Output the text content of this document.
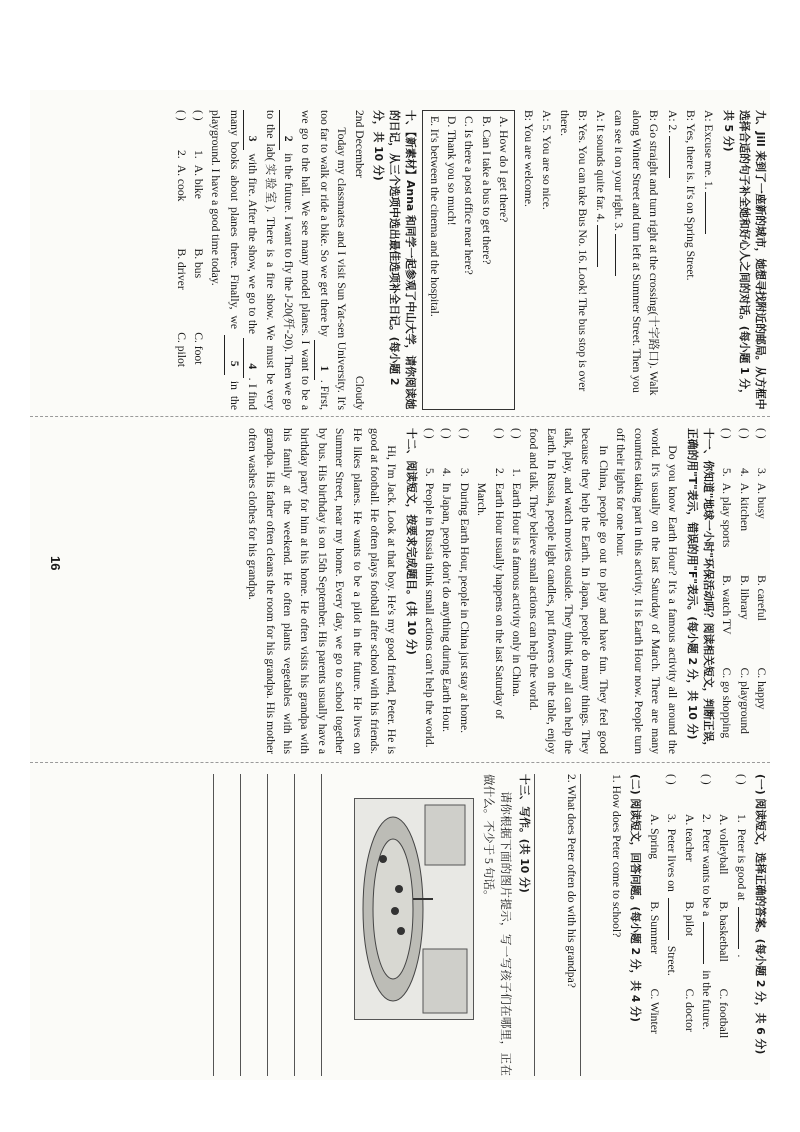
九、Jill 来到了一座新的城市，她想寻找附近的邮局。从方框中选择合适的句子补全她和好心人之间的对话。(每小题 1 分，共 5 分)

A: Excuse me. 1.

B: Yes, there is. It's on Spring Street.

A: 2.

B: Go straight and turn right at the crossing(十字路口). Walk along Winter Street and turn left at Summer Street. Then you can see it on your right. 3.

A: It sounds quite far. 4.

B: Yes. You can take Bus No. 16. Look! The bus stop is over there.

A: 5. You are so nice.

B: You are welcome.

A. How do I get there?
B. Can I take a bus to get there?
C. Is there a post office near here?
D. Thank you so much!
E. It's between the cinema and the hospital.

十、【新素材】Anna 和同学一起参观了中山大学，请你阅读她的日记，从三个选项中选出最佳选项补全日记。(每小题 2 分，共 10 分)

2nd December
Cloudy

Today my classmates and I visit Sun Yat-sen University. It's too far to walk or ride a bike. So we get there by 1. First, we go to the hall. We see many model planes. I want to be a 2 in the future. I want to fly the J-20(歼-20). Then we go to the lab(实验室). There is a fire show. We must be very 3 with fire. After the show, we go to the 4. I find many books about planes there. Finally, we 5 in the playground. I have a good time today.

( )
1.
A. bike
B. bus
C. foot
( )
2.
A. cook
B. driver
C. pilot
( )
3.
A. busy
B. careful
C. happy
( )
4.
A. kitchen
B. library
C. playground
( )
5.
A. play sports
B. watch TV
C. go shopping

十一、你知道"地球一小时"环保活动吗？阅读相关短文，判断正误，正确的用"T"表示，错误的用"F"表示。(每小题 2 分，共 10 分)

Do you know Earth Hour? It's a famous activity all around the world. It's usually on the last Saturday of March. There are many countries taking part in this activity. It is Earth Hour now. People turn off their lights for one hour.

In China, people go out to play and have fun. They feel good because they help the Earth. In Japan, people do many things. They talk, play, and watch movies outside. They think they all can help the Earth. In Russia, people light candles, put flowers on the table, enjoy food and talk. They believe small actions can help the world.

( )
1.
Earth Hour is a famous activity only in China.
( )
2.
Earth Hour usually happens on the last Saturday of March.
( )
3.
During Earth Hour, people in China just stay at home.
( )
4.
In Japan, people don't do anything during Earth Hour.
( )
5.
People in Russia think small actions can't help the world.

十二、阅读短文，按要求完成题目。(共 10 分)

Hi, I'm Jack. Look at that boy. He's my good friend, Peter. He is good at football. He often plays football after school with his friends. He likes planes. He wants to be a pilot in the future. He lives on Summer Street, near my home. Every day, we go to school together by bus. His birthday is on 15th September. His parents usually have a birthday party for him at his home. He often visits his grandpa with his family at the weekend. He often plants vegetables with his grandpa. His father often cleans the room for his grandpa. His mother often washes clothes for his grandpa.

(一) 阅读短文，选择正确的答案。(每小题 2 分，共 6 分)

( )
1.
Peter is good at
.
A. volleyball
B. basketball
C. football
( )
2.
Peter wants to be a
in the future.
A. teacher
B. pilot
C. doctor
( )
3.
Peter lives on
Street.
A. Spring
B. Summer
C. Winter

(二) 阅读短文，回答问题。(每小题 2 分，共 4 分)

1. How does Peter come to school?

2. What does Peter often do with his grandpa?

十三、写作。(共 10 分)

请你根据下面的图片提示，写一写孩子们在哪里，正在做什么。不少于 5 句话。

16
